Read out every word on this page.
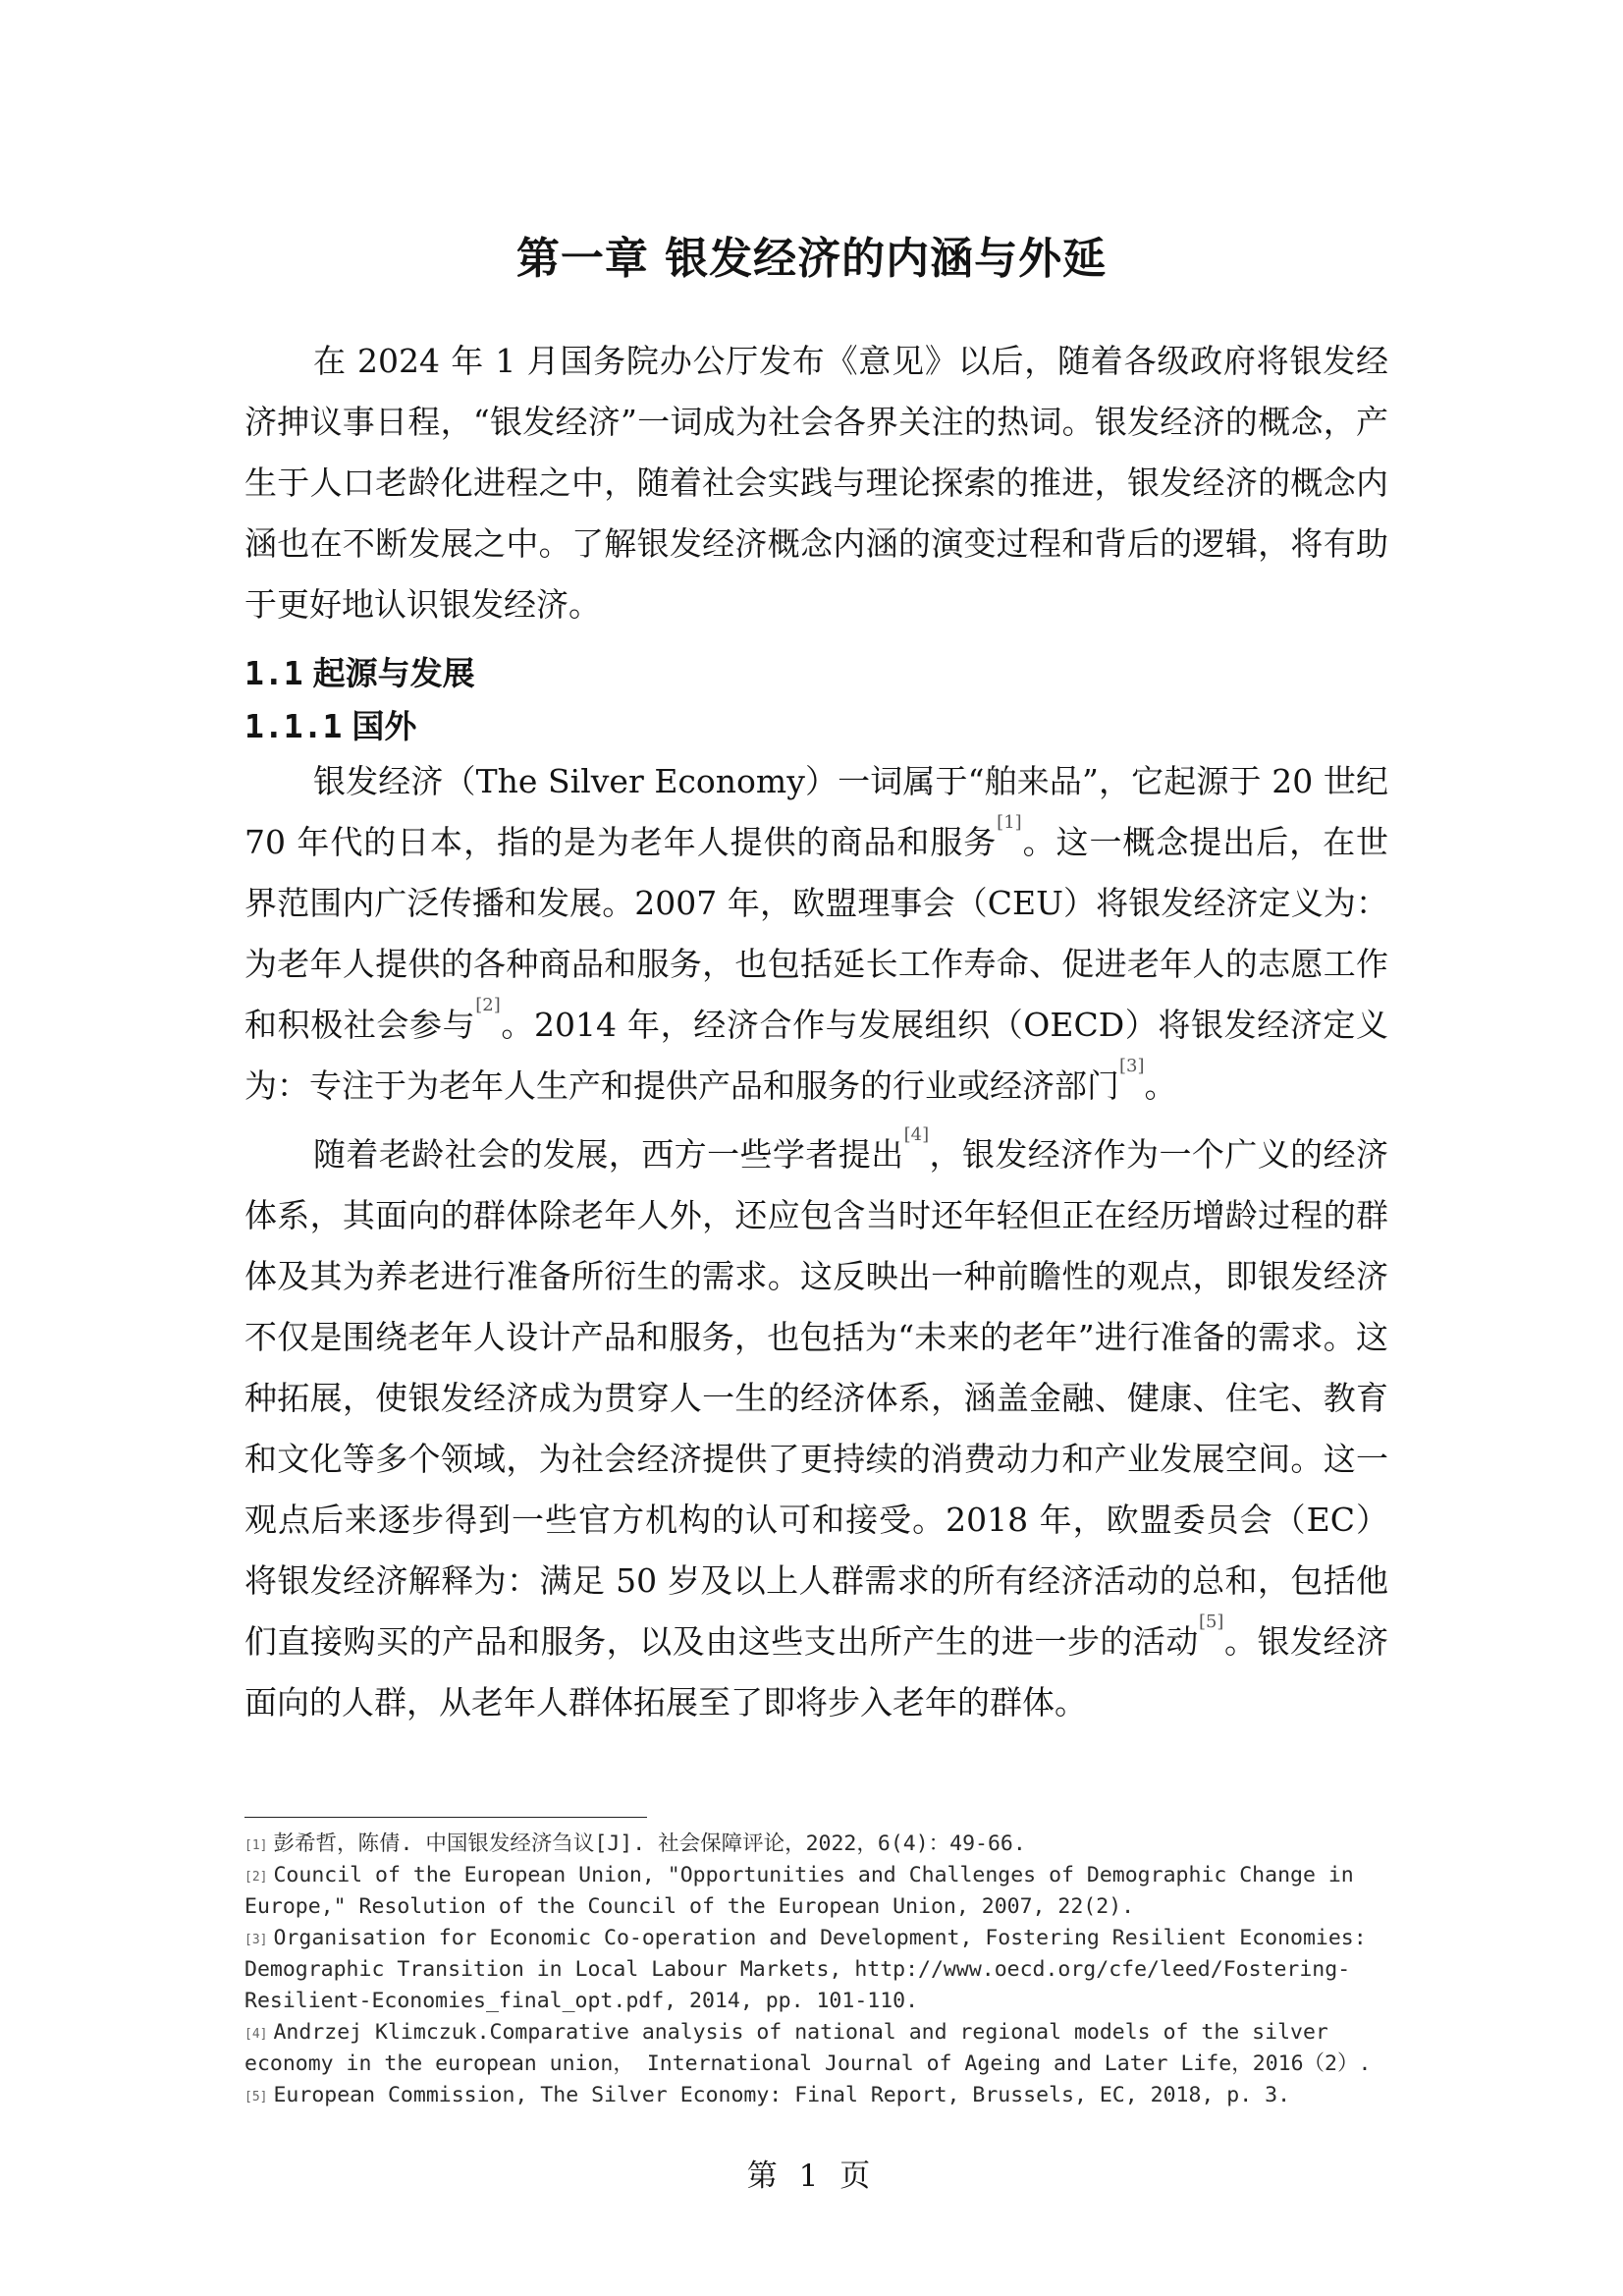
第一章 银发经济的内涵与外延

在 2024 年 1 月国务院办公厅发布《意见》以后，随着各级政府将银发经济抻议事日程，“银发经济”一词成为社会各界关注的热词。银发经济的概念，产生于人口老龄化进程之中，随着社会实践与理论探索的推进，银发经济的概念内涵也在不断发展之中。了解银发经济概念内涵的演变过程和背后的逻辑，将有助于更好地认识银发经济。

1.1 起源与发展
1.1.1 国外

银发经济（The Silver Economy）一词属于“舶来品”，它起源于 20 世纪 70 年代的日本，指的是为老年人提供的商品和服务[1]。这一概念提出后，在世界范围内广泛传播和发展。2007 年，欧盟理事会（CEU）将银发经济定义为：为老年人提供的各种商品和服务，也包括延长工作寿命、促进老年人的志愿工作和积极社会参与[2]。2014 年，经济合作与发展组织（OECD）将银发经济定义为：专注于为老年人生产和提供产品和服务的行业或经济部门[3]。

随着老龄社会的发展，西方一些学者提出[4]，银发经济作为一个广义的经济体系，其面向的群体除老年人外，还应包含当时还年轻但正在经历增龄过程的群体及其为养老进行准备所衍生的需求。这反映出一种前瞻性的观点，即银发经济不仅是围绕老年人设计产品和服务，也包括为“未来的老年”进行准备的需求。这种拓展，使银发经济成为贯穿人一生的经济体系，涵盖金融、健康、住宅、教育和文化等多个领域，为社会经济提供了更持续的消费动力和产业发展空间。这一观点后来逐步得到一些官方机构的认可和接受。2018 年，欧盟委员会（EC）将银发经济解释为：满足 50 岁及以上人群需求的所有经济活动的总和，包括他们直接购买的产品和服务，以及由这些支出所产生的进一步的活动[5]。银发经济面向的人群，从老年人群体拓展至了即将步入老年的群体。

[1] 彭希哲，陈倩. 中国银发经济刍议[J]. 社会保障评论，2022，6(4)：49-66.

[2] Council of the European Union, "Opportunities and Challenges of Demographic Change in Europe," Resolution of the Council of the European Union, 2007, 22(2).

[3] Organisation for Economic Co-operation and Development, Fostering Resilient Economies: Demographic Transition in Local Labour Markets, http://www.oecd.org/cfe/leed/Fostering-Resilient-Economies_final_opt.pdf, 2014, pp. 101-110.

[4] Andrzej Klimczuk.Comparative analysis of national and regional models of the silver economy in the european union， International Journal of Ageing and Later Life，2016（2）.

[5] European Commission, The Silver Economy: Final Report, Brussels, EC, 2018, p. 3.

第 1 页
